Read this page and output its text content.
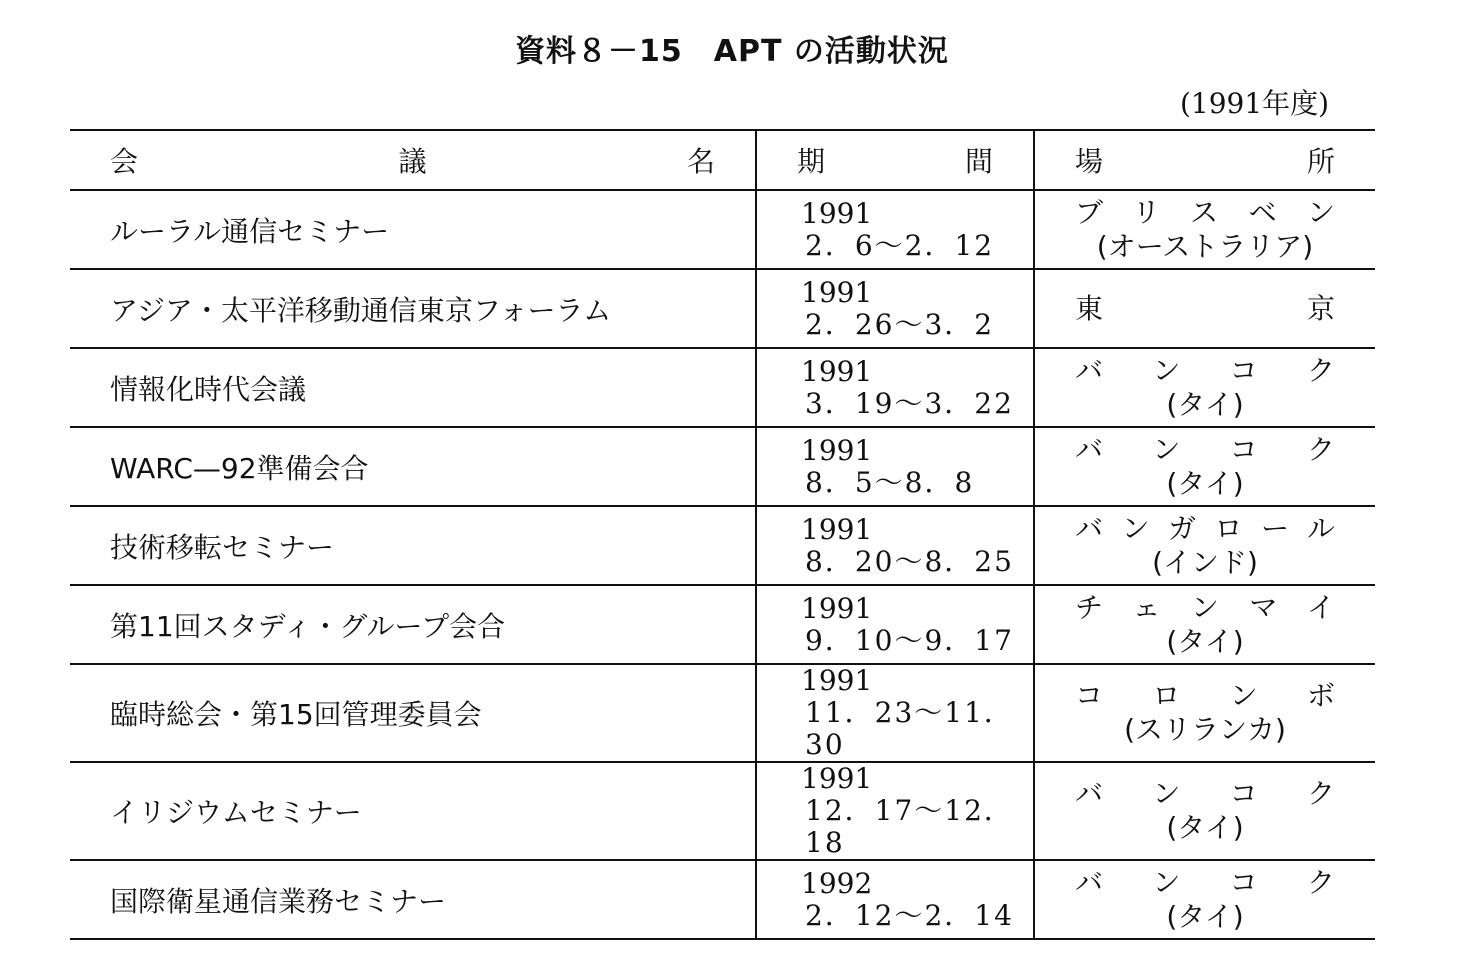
資料８－15　APT の活動状況
(1991年度)
会 議 名	期 間	場 所

ルーラル通信セミナー	1991
2．6～2．12	ブリスベン
(オーストラリア)

アジア・太平洋移動通信東京フォーラム	1991
2．26～3．2	東京

情報化時代会議	1991
3．19～3．22	バンコク
(タイ)

WARC—92準備会合	1991
8．5～8．8	バンコク
(タイ)

技術移転セミナー	1991
8．20～8．25	バンガロール
(インド)

第11回スタディ・グループ会合	1991
9．10～9．17	チェンマイ
(タイ)

臨時総会・第15回管理委員会	1991
11．23～11．30	コロンボ
(スリランカ)

イリジウムセミナー	1991
12．17～12．18	バンコク
(タイ)

国際衛星通信業務セミナー	1992
2．12～2．14	バンコク
(タイ)
